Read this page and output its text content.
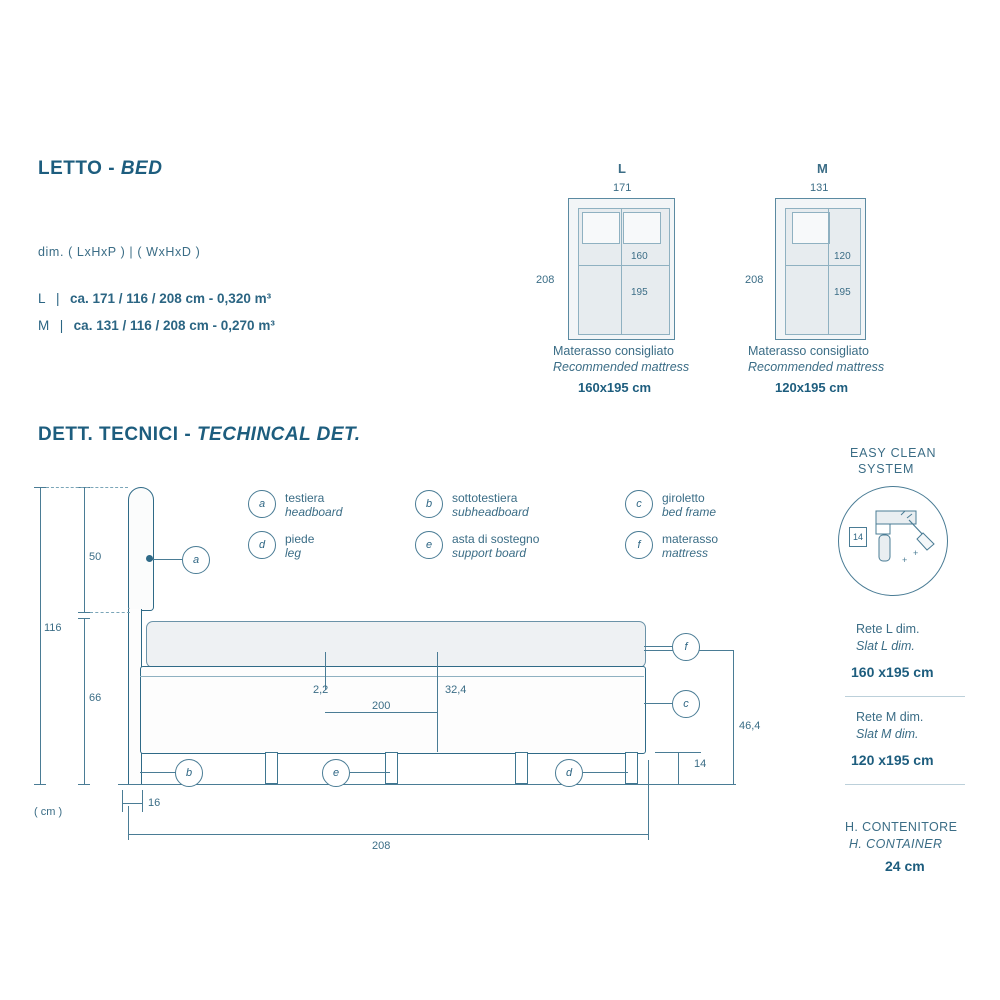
LETTO - BED
dim. ( LxHxP ) | ( WxHxD )
L | ca. 171 / 116 / 208 cm - 0,320 m³
M | ca. 131 / 116 / 208 cm - 0,270 m³
L
171
208
160
195
Materasso consigliato
Recommended mattress
160x195 cm
M
131
208
120
195
Materasso consigliato
Recommended mattress
120x195 cm
DETT. TECNICI - TECHINCAL DET.
a	testiera
headboard
b	sottotestiera
subheadboard
c	giroletto
bed frame
d	piede
leg
e	asta di sostegno
support board
f	materasso
mattress
116
50
66
( cm )
16
208
2,2
200
32,4
46,4
14
a
f
c
b	e	d
EASY CLEAN
SYSTEM
+
+
14
Rete L dim.
Slat L dim.
160 x195 cm
Rete M dim.
Slat M dim.
120 x195 cm
H. CONTENITORE
H. CONTAINER
24 cm
